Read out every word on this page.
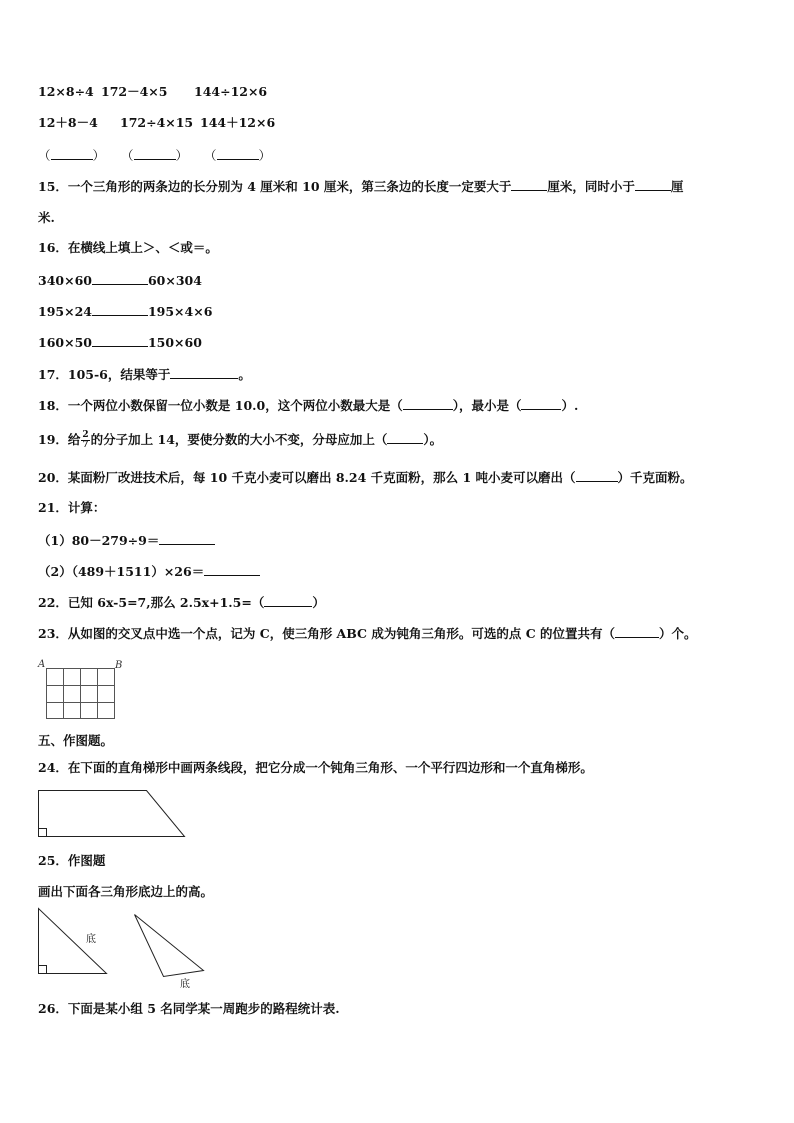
12×8÷4 172－4×5 144÷12×6
12＋8－4 172÷4×15 144＋12×6
（	） （	） （	）
15．一个三角形的两条边的长分别为 4 厘米和 10 厘米，第三条边的长度一定要大于	厘米，同时小于	厘
米.
16．在横线上填上＞、＜或＝。
340×60	60×304
195×24	195×4×6
160×50	150×60
17．105-6，结果等于	。
18．一个两位小数保留一位小数是 10.0，这个两位小数最大是（	），最小是（	）.
19．给 $\frac{2}{7}$ 的分子加上 14，要使分数的大小不变，分母应加上（	）。
20．某面粉厂改进技术后，每 10 千克小麦可以磨出 8.24 千克面粉，那么 1 吨小麦可以磨出（	）千克面粉。
21．计算：
（1）80－279÷9＝
（2）（489＋1511）×26＝
22．已知 6x-5=7,那么 2.5x+1.5=（	）
23．从如图的交叉点中选一个点，记为 C，使三角形 ABC 成为钝角三角形。可选的点 C 的位置共有（	）个。
A	B
五、作图题。
24．在下面的直角梯形中画两条线段，把它分成一个钝角三角形、一个平行四边形和一个直角梯形。
25．作图题
画出下面各三角形底边上的高。
底
底
26．下面是某小组 5 名同学某一周跑步的路程统计表.
